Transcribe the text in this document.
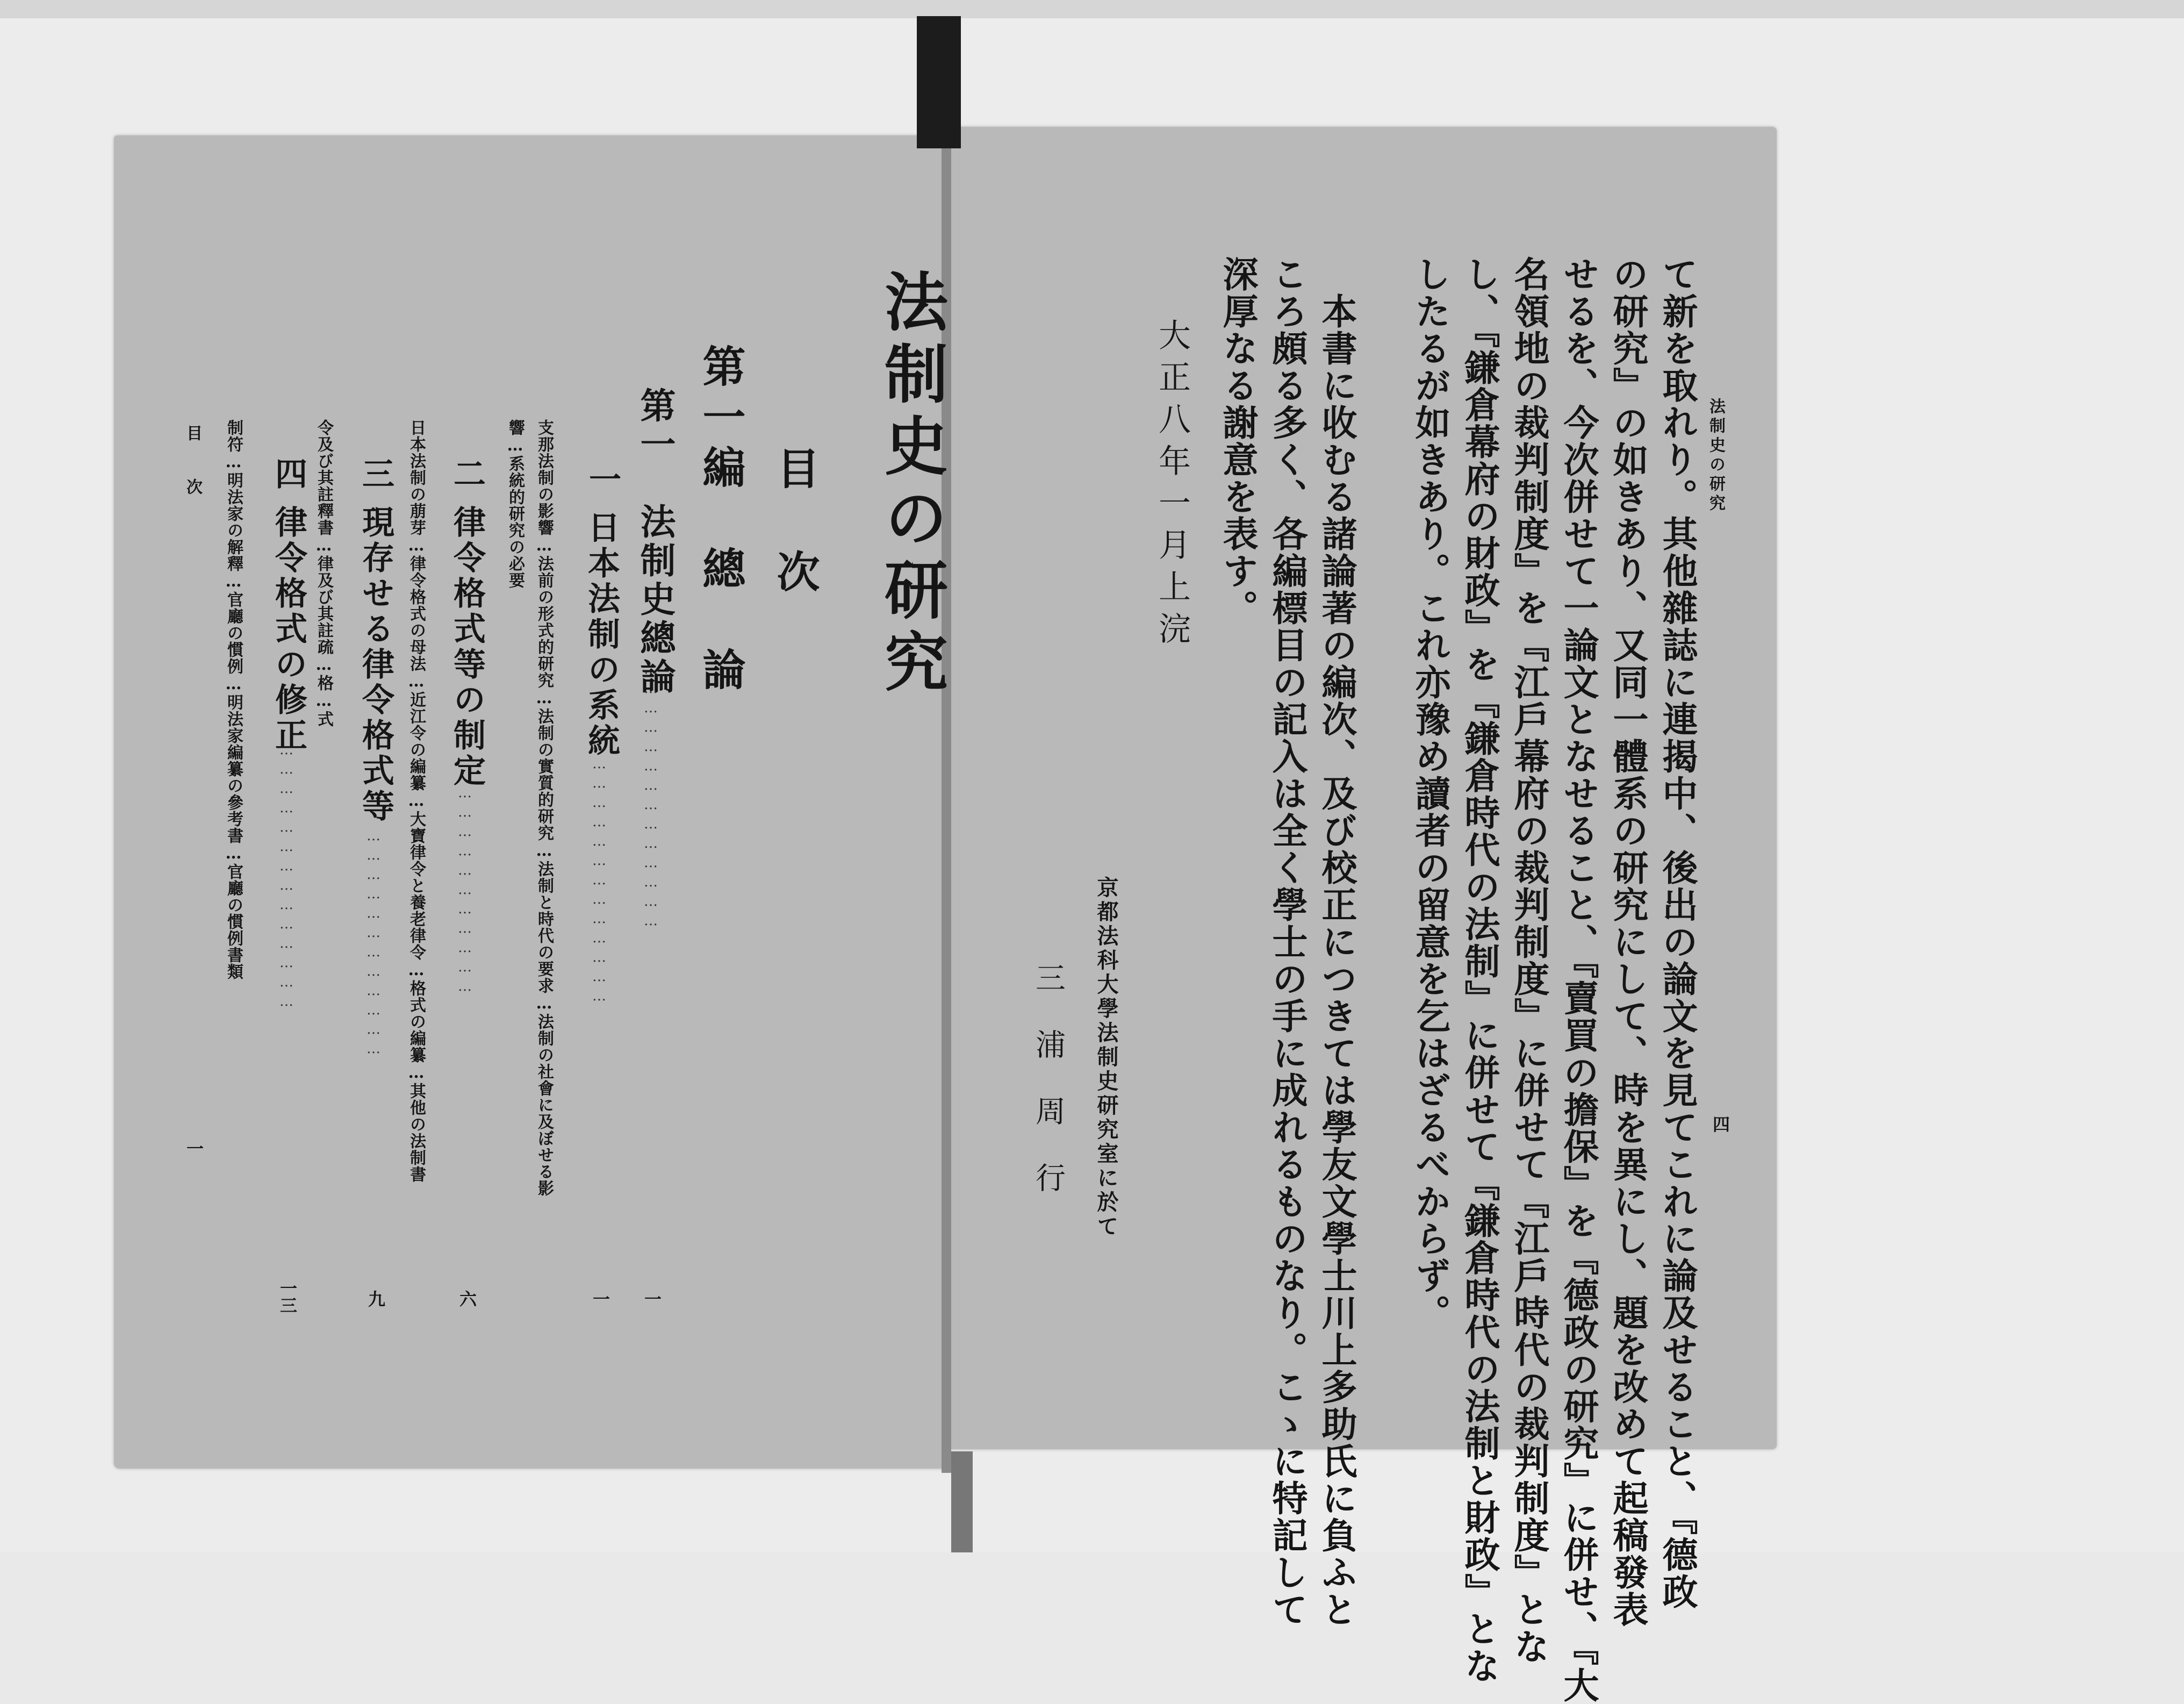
法制史の研究
四
て新を取れり。其他雜誌に連揭中、後出の論文を見てこれに論及せること、『德政
の研究』の如きあり、又同一體系の研究にして、時を異にし、題を改めて起稿發表
せるを、今次併せて一論文となせること、『賣買の擔保』を『德政の研究』に併せ、『大
名領地の裁判制度』を『江戶幕府の裁判制度』に併せて『江戶時代の裁判制度』とな
し、『鎌倉幕府の財政』を『鎌倉時代の法制』に併せて『鎌倉時代の法制と財政』とな
したるが如きあり。これ亦豫め讀者の留意を乞はざるべからず。
　本書に收むる諸論著の編次、及び校正につきては學友文學士川上多助氏に負ふと
ころ頗る多く、各編標目の記入は全く學士の手に成れるものなり。こゝに特記して
深厚なる謝意を表す。
大正八年一月上浣
京都法科大學法制史研究室に於て
三　浦　周　行
法制史の研究
目　次
第一編　總　論
第一　法制史總論
……………………………………
一
一
日本法制の系統
……………………………………
一
支那法制の影響…法前の形式的研究…法制の實質的研究…法制と時代の要求…法制の社會に及ぼせる影
響…系統的研究の必要
二
律令格式等の制定
……………………………
六
日本法制の萠芽…律令格式の母法…近江令の編纂…大寶律令と養老律令…格式の編纂…其他の法制書
三
現存せる律令格式等
………………………………
九
令及び其註釋書…律及び其註疏…格…式
四
律令格式の修正
……………………………………
一三
制符…明法家の解釋…官廳の慣例…明法家編纂の參考書…官廳の慣例書類
目　次
一
